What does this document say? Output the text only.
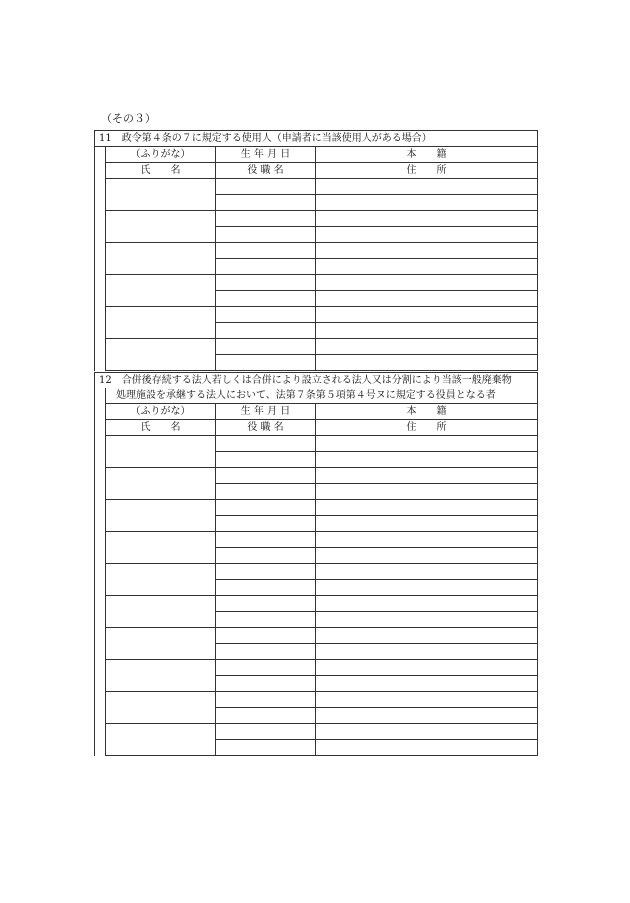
（その３）
11　政令第４条の７に規定する使用人（申請者に当該使用人がある場合）			
	（ふりがな）	生 年 月 日	本　　籍
	氏　　名	役 職 名	住　　所

12　合併後存続する法人若しくは合併により設立される法人又は分割により当該一般廃棄物			
	　処理施設を承継する法人において、法第７条第５項第４号ヌに規定する役員となる者		
	（ふりがな）	生 年 月 日	本　　籍
	氏　　名	役 職 名	住　　所
